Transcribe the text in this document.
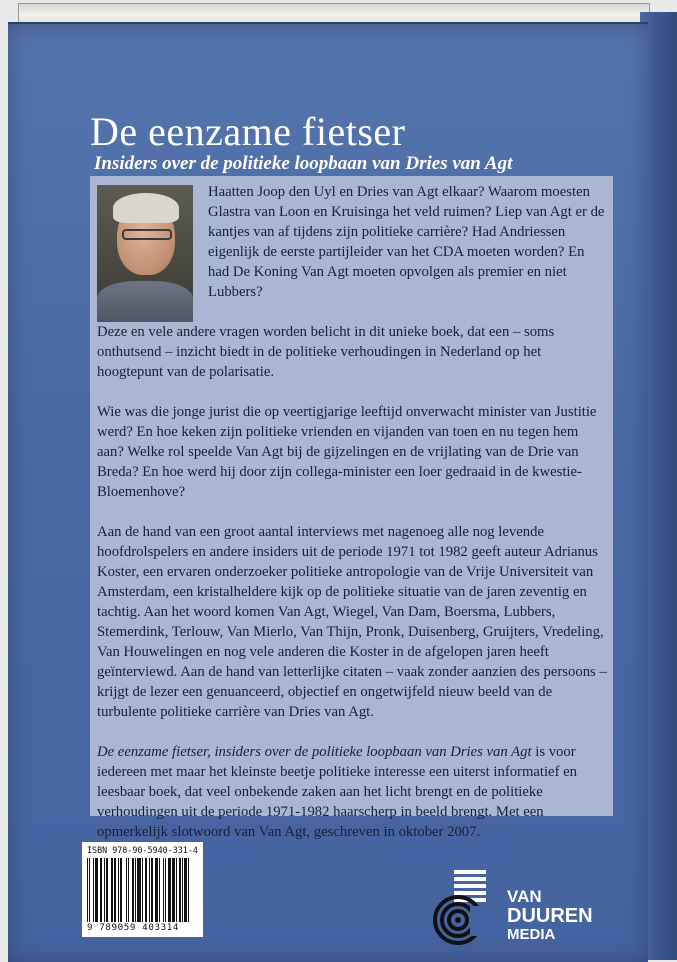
De eenzame fietser
Insiders over de politieke loopbaan van Dries van Agt

Haatten Joop den Uyl en Dries van Agt elkaar? Waarom moesten Glastra van Loon en Kruisinga het veld ruimen? Liep van Agt er de kantjes van af tijdens zijn politieke carrière? Had Andriessen eigenlijk de eerste partijleider van het CDA moeten worden? En had De Koning Van Agt moeten opvolgen als premier en niet Lubbers?

Deze en vele andere vragen worden belicht in dit unieke boek, dat een – soms onthutsend – inzicht biedt in de politieke verhoudingen in Nederland op het hoogtepunt van de polarisatie.

Wie was die jonge jurist die op veertigjarige leeftijd onverwacht minister van Justitie werd? En hoe keken zijn politieke vrienden en vijanden van toen en nu tegen hem aan? Welke rol speelde Van Agt bij de gijzelingen en de vrijlating van de Drie van Breda? En hoe werd hij door zijn collega-minister een loer gedraaid in de kwestie-Bloemenhove?

Aan de hand van een groot aantal interviews met nagenoeg alle nog levende hoofdrolspelers en andere insiders uit de periode 1971 tot 1982 geeft auteur Adrianus Koster, een ervaren onderzoeker politieke antropologie van de Vrije Universiteit van Amsterdam, een kristalheldere kijk op de politieke situatie van de jaren zeventig en tachtig. Aan het woord komen Van Agt, Wiegel, Van Dam, Boersma, Lubbers, Stemerdink, Terlouw, Van Mierlo, Van Thijn, Pronk, Duisenberg, Gruijters, Vredeling, Van Houwelingen en nog vele anderen die Koster in de afgelopen jaren heeft geïnterviewd. Aan de hand van letterlijke citaten – vaak zonder aanzien des persoons – krijgt de lezer een genuanceerd, objectief en ongetwijfeld nieuw beeld van de turbulente politieke carrière van Dries van Agt.

De eenzame fietser, insiders over de politieke loopbaan van Dries van Agt is voor iedereen met maar het kleinste beetje politieke interesse een uiterst informatief en leesbaar boek, dat veel onbekende zaken aan het licht brengt en de politieke verhoudingen uit de periode 1971-1982 haarscherp in beeld brengt. Met een opmerkelijk slotwoord van Van Agt, geschreven in oktober 2007.

ISBN 978-90-5940-331-4
9 789059 403314
VAN
DUUREN
MEDIA
